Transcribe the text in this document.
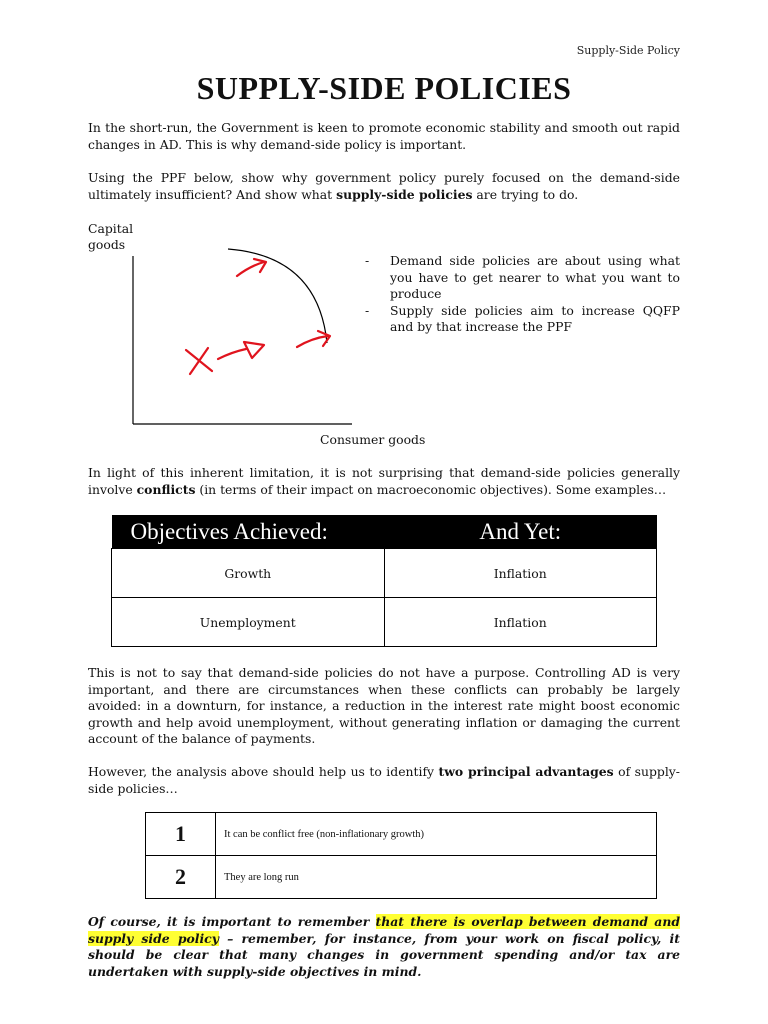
Supply-Side Policy
SUPPLY-SIDE POLICIES
In the short-run, the Government is keen to promote economic stability and smooth out rapid changes in AD. This is why demand-side policy is important.
Using the PPF below, show why government policy purely focused on the demand-side ultimately insufficient? And show what supply-side policies are trying to do.
Capital
goods
Consumer goods
- Demand side policies are about using what you have to get nearer to what you want to produce
- Supply side policies aim to increase QQFP and by that increase the PPF
In light of this inherent limitation, it is not surprising that demand-side policies generally involve conflicts (in terms of their impact on macroeconomic objectives). Some examples…
Objectives Achieved:	And Yet:
Growth	Inflation
Unemployment	Inflation
This is not to say that demand-side policies do not have a purpose. Controlling AD is very important, and there are circumstances when these conflicts can probably be largely avoided: in a downturn, for instance, a reduction in the interest rate might boost economic growth and help avoid unemployment, without generating inflation or damaging the current account of the balance of payments.
However, the analysis above should help us to identify two principal advantages of supply-side policies…
1	It can be conflict free (non-inflationary growth)
2	They are long run
Of course, it is important to remember that there is overlap between demand and supply side policy – remember, for instance, from your work on fiscal policy, it should be clear that many changes in government spending and/or tax are undertaken with supply-side objectives in mind.
